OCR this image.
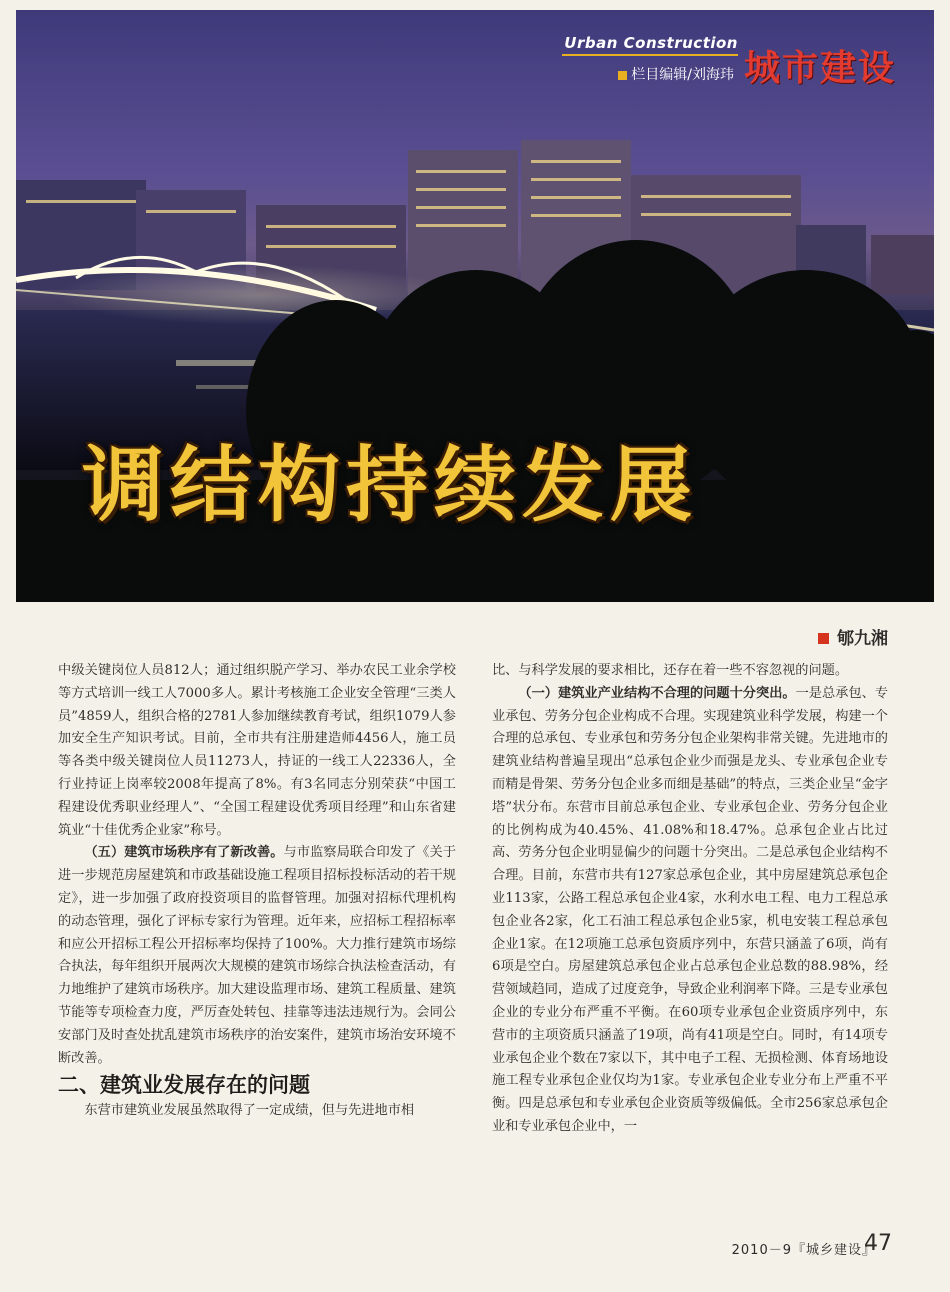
Urban Construction
栏目编辑/刘海玮 城市建设
调结构持续发展
郇九湘

中级关键岗位人员812人；通过组织脱产学习、举办农民工业余学校等方式培训一线工人7000多人。累计考核施工企业安全管理“三类人员”4859人，组织合格的2781人参加继续教育考试，组织1079人参加安全生产知识考试。目前，全市共有注册建造师4456人，施工员等各类中级关键岗位人员11273人，持证的一线工人22336人，全行业持证上岗率较2008年提高了8%。有3名同志分别荣获“中国工程建设优秀职业经理人”、“全国工程建设优秀项目经理”和山东省建筑业“十佳优秀企业家”称号。

（五）建筑市场秩序有了新改善。与市监察局联合印发了《关于进一步规范房屋建筑和市政基础设施工程项目招标投标活动的若干规定》，进一步加强了政府投资项目的监督管理。加强对招标代理机构的动态管理，强化了评标专家行为管理。近年来，应招标工程招标率和应公开招标工程公开招标率均保持了100%。大力推行建筑市场综合执法，每年组织开展两次大规模的建筑市场综合执法检查活动，有力地维护了建筑市场秩序。加大建设监理市场、建筑工程质量、建筑节能等专项检查力度，严厉查处转包、挂靠等违法违规行为。会同公安部门及时查处扰乱建筑市场秩序的治安案件，建筑市场治安环境不断改善。

二、建筑业发展存在的问题

东营市建筑业发展虽然取得了一定成绩，但与先进地市相

比、与科学发展的要求相比，还存在着一些不容忽视的问题。

（一）建筑业产业结构不合理的问题十分突出。一是总承包、专业承包、劳务分包企业构成不合理。实现建筑业科学发展，构建一个合理的总承包、专业承包和劳务分包企业架构非常关键。先进地市的建筑业结构普遍呈现出“总承包企业少而强是龙头、专业承包企业专而精是骨架、劳务分包企业多而细是基础”的特点，三类企业呈“金字塔”状分布。东营市目前总承包企业、专业承包企业、劳务分包企业的比例构成为40.45%、41.08%和18.47%。总承包企业占比过高、劳务分包企业明显偏少的问题十分突出。二是总承包企业结构不合理。目前，东营市共有127家总承包企业，其中房屋建筑总承包企业113家，公路工程总承包企业4家，水利水电工程、电力工程总承包企业各2家，化工石油工程总承包企业5家，机电安装工程总承包企业1家。在12项施工总承包资质序列中，东营只涵盖了6项，尚有6项是空白。房屋建筑总承包企业占总承包企业总数的88.98%，经营领域趋同，造成了过度竞争，导致企业利润率下降。三是专业承包企业的专业分布严重不平衡。在60项专业承包企业资质序列中，东营市的主项资质只涵盖了19项，尚有41项是空白。同时，有14项专业承包企业个数在7家以下，其中电子工程、无损检测、体育场地设施工程专业承包企业仅均为1家。专业承包企业专业分布上严重不平衡。四是总承包和专业承包企业资质等级偏低。全市256家总承包企业和专业承包企业中，一

2010－9『城乡建设』
47
